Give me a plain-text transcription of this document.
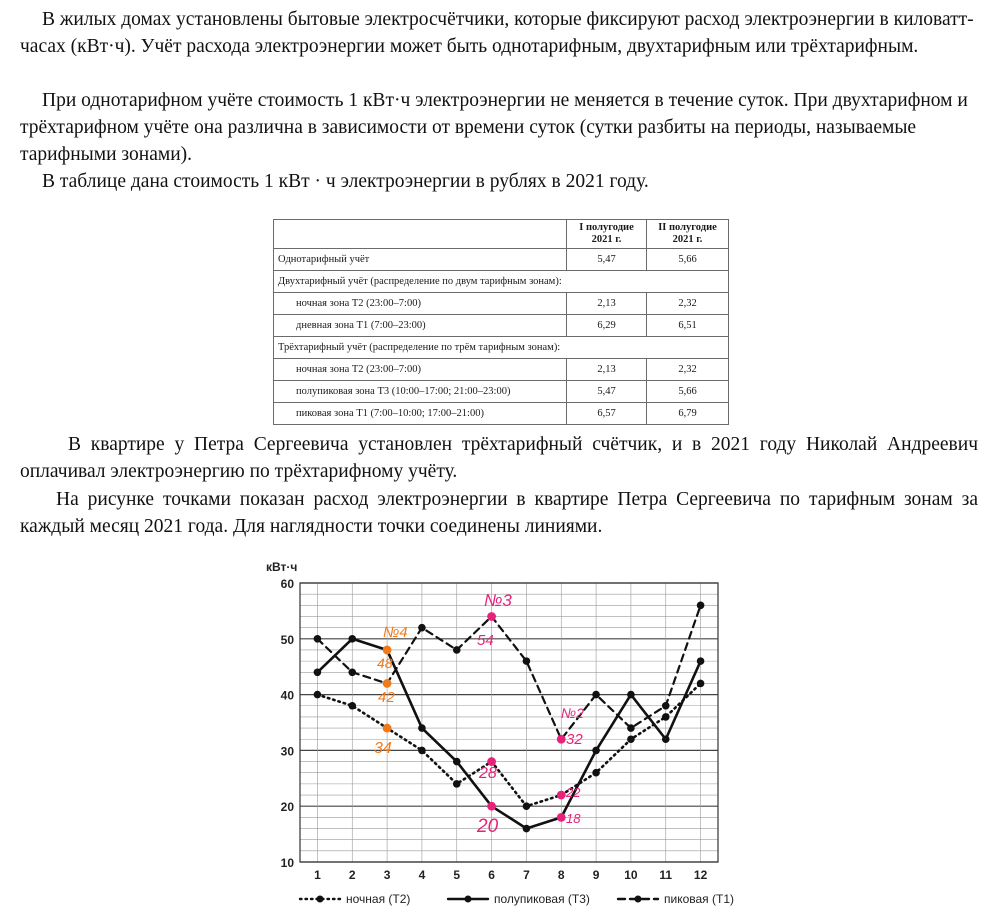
В жилых домах установлены бытовые электросчётчики, которые фиксируют расход электроэнергии в киловатт-часах (кВт·ч). Учёт расхода электроэнергии может быть однотарифным, двухтарифным или трёхтарифным.

При однотарифном учёте стоимость 1 кВт·ч электроэнергии не меняется в течение суток. При двухтарифном и трёхтарифном учёте она различна в зависимости от времени суток (сутки разбиты на периоды, называемые тарифными зонами).

В таблице дана стоимость 1 кВт · ч электроэнергии в рублях в 2021 году.

	I полугодие
2021 г.	II полугодие
2021 г.
Однотарифный учёт	5,47	5,66
Двухтарифный учёт (распределение по двум тарифным зонам):		
ночная зона Т2 (23:00–7:00)	2,13	2,32
дневная зона Т1 (7:00–23:00)	6,29	6,51
Трёхтарифный учёт (распределение по трём тарифным зонам):		
ночная зона Т2 (23:00–7:00)	2,13	2,32
полупиковая зона Т3 (10:00–17:00; 21:00–23:00)	5,47	5,66
пиковая зона Т1 (7:00–10:00; 17:00–21:00)	6,57	6,79

В квартире у Петра Сергеевича установлен трёхтарифный счётчик, и в 2021 году Николай Андреевич оплачивал электроэнергию по трёхтарифному учёту.

На рисунке точками показан расход электроэнергии в квартире Петра Сергеевича по тарифным зонам за каждый месяц 2021 года. Для наглядности точки соединены линиями.

10
20
30
40
50
60
1 2 3 4 5 6 7 8 9 10 11 12
кВт·ч
№3
54
№4
48
42
34
28
20
№2
32
22
18
ночная (Т2)	полупиковая (Т3)	пиковая (Т1)
